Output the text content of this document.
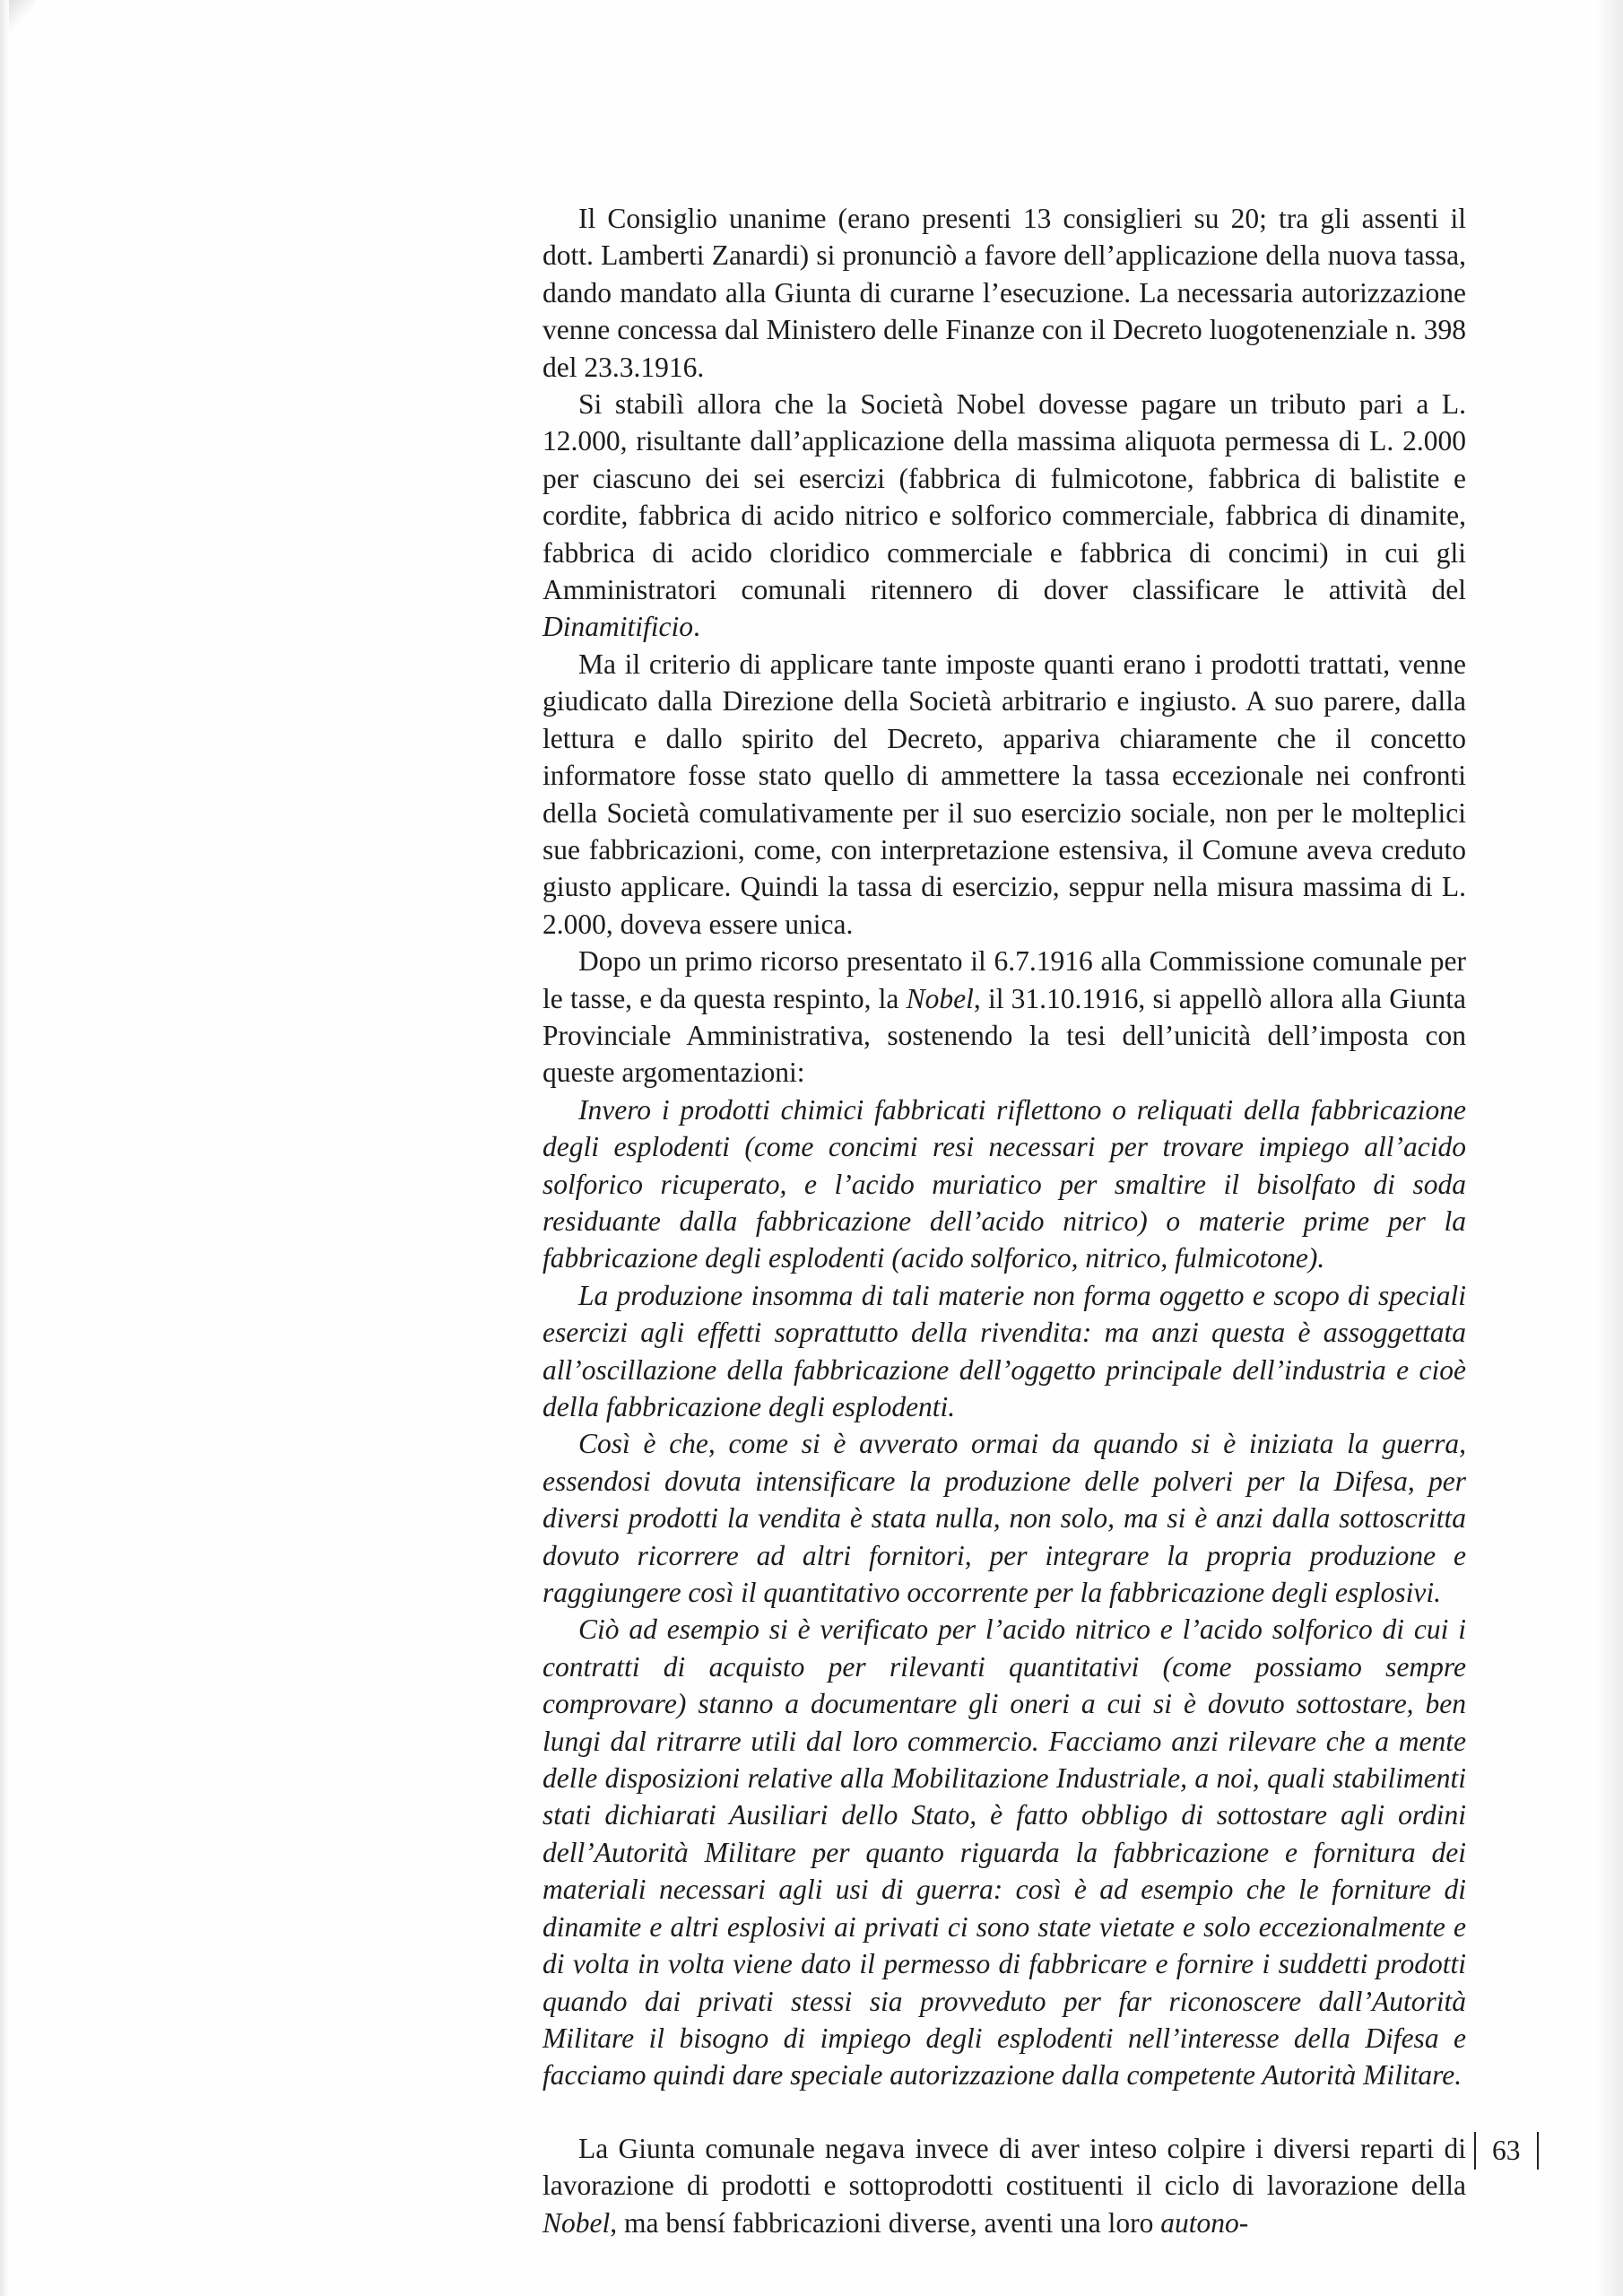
Il Consiglio unanime (erano presenti 13 consiglieri su 20; tra gli assenti il dott. Lamberti Zanardi) si pronunciò a favore dell’applicazione della nuova tassa, dando mandato alla Giunta di curarne l’esecuzione. La necessaria autorizzazione venne concessa dal Ministero delle Finanze con il Decreto luogotenenziale n. 398 del 23.3.1916.

Si stabilì allora che la Società Nobel dovesse pagare un tributo pari a L. 12.000, risultante dall’applicazione della massima aliquota permessa di L. 2.000 per ciascuno dei sei esercizi (fabbrica di fulmicotone, fabbrica di balistite e cordite, fabbrica di acido nitrico e solforico commerciale, fabbrica di dinamite, fabbrica di acido cloridico commerciale e fabbrica di concimi) in cui gli Amministratori comunali ritennero di dover classificare le attività del Dinamitificio.

Ma il criterio di applicare tante imposte quanti erano i prodotti trattati, venne giudicato dalla Direzione della Società arbitrario e ingiusto. A suo parere, dalla lettura e dallo spirito del Decreto, appariva chiaramente che il concetto informatore fosse stato quello di ammettere la tassa eccezionale nei confronti della Società comulativamente per il suo esercizio sociale, non per le molteplici sue fabbricazioni, come, con interpretazione estensiva, il Comune aveva creduto giusto applicare. Quindi la tassa di esercizio, seppur nella misura massima di L. 2.000, doveva essere unica.

Dopo un primo ricorso presentato il 6.7.1916 alla Commissione comunale per le tasse, e da questa respinto, la Nobel, il 31.10.1916, si appellò allora alla Giunta Provinciale Amministrativa, sostenendo la tesi dell’unicità dell’imposta con queste argomentazioni:

Invero i prodotti chimici fabbricati riflettono o reliquati della fabbricazione degli esplodenti (come concimi resi necessari per trovare impiego all’acido solforico ricuperato, e l’acido muriatico per smaltire il bisolfato di soda residuante dalla fabbricazione dell’acido nitrico) o materie prime per la fabbricazione degli esplodenti (acido solforico, nitrico, fulmicotone).

La produzione insomma di tali materie non forma oggetto e scopo di speciali esercizi agli effetti soprattutto della rivendita: ma anzi questa è assoggettata all’oscillazione della fabbricazione dell’oggetto principale dell’industria e cioè della fabbricazione degli esplodenti.

Così è che, come si è avverato ormai da quando si è iniziata la guerra, essendosi dovuta intensificare la produzione delle polveri per la Difesa, per diversi prodotti la vendita è stata nulla, non solo, ma si è anzi dalla sottoscritta dovuto ricorrere ad altri fornitori, per integrare la propria produzione e raggiungere così il quantitativo occorrente per la fabbricazione degli esplosivi.

Ciò ad esempio si è verificato per l’acido nitrico e l’acido solforico di cui i contratti di acquisto per rilevanti quantitativi (come possiamo sempre comprovare) stanno a documentare gli oneri a cui si è dovuto sottostare, ben lungi dal ritrarre utili dal loro commercio. Facciamo anzi rilevare che a mente delle disposizioni relative alla Mobilitazione Industriale, a noi, quali stabilimenti stati dichiarati Ausiliari dello Stato, è fatto obbligo di sottostare agli ordini dell’Autorità Militare per quanto riguarda la fabbricazione e fornitura dei materiali necessari agli usi di guerra: così è ad esempio che le forniture di dinamite e altri esplosivi ai privati ci sono state vietate e solo eccezionalmente e di volta in volta viene dato il permesso di fabbricare e fornire i suddetti prodotti quando dai privati stessi sia provveduto per far riconoscere dall’Autorità Militare il bisogno di impiego degli esplodenti nell’interesse della Difesa e facciamo quindi dare speciale autorizzazione dalla competente Autorità Militare.

La Giunta comunale negava invece di aver inteso colpire i diversi reparti di lavorazione di prodotti e sottoprodotti costituenti il ciclo di lavorazione della Nobel, ma bensí fabbricazioni diverse, aventi una loro autono-

63
